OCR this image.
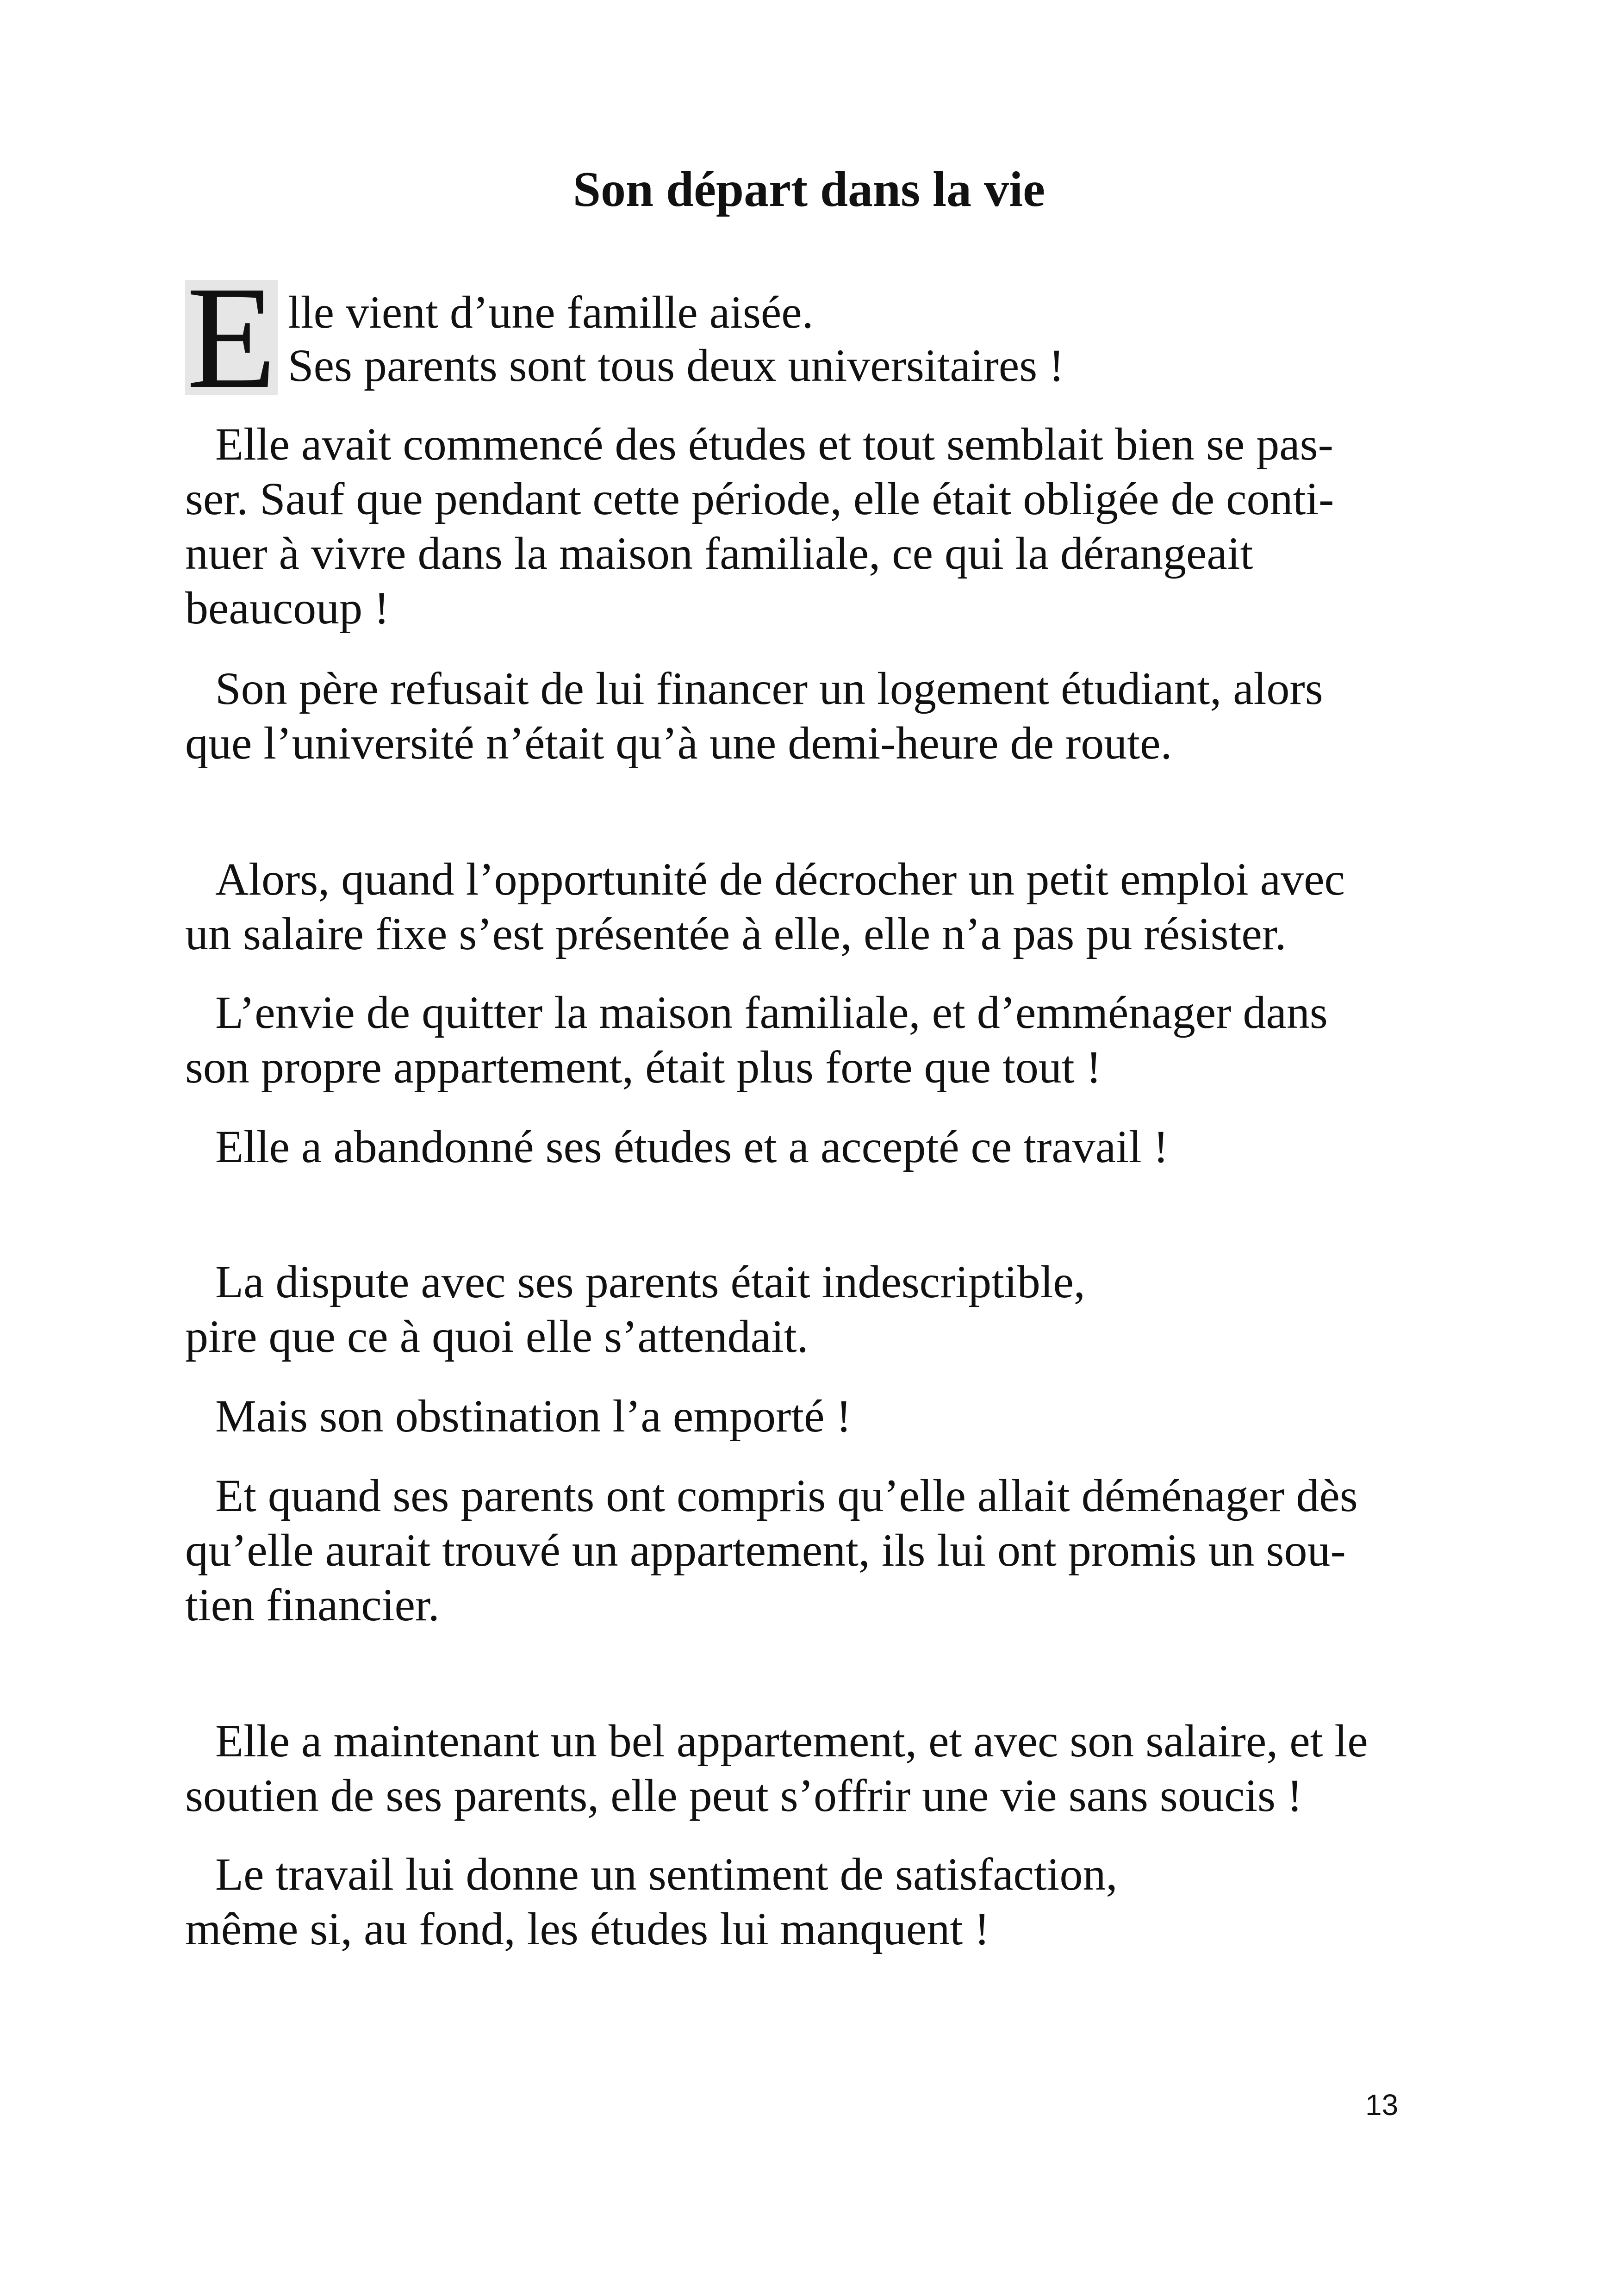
Son départ dans la vie
E lle vient d’une famille aisée.

Ses parents sont tous deux universitaires !

Elle avait commencé des études et tout semblait bien se pas-

ser. Sauf que pendant cette période, elle était obligée de conti-

nuer à vivre dans la maison familiale, ce qui la dérangeait

beaucoup !

Son père refusait de lui financer un logement étudiant, alors

que l’université n’était qu’à une demi-heure de route.

Alors, quand l’opportunité de décrocher un petit emploi avec

un salaire fixe s’est présentée à elle, elle n’a pas pu résister.

L’envie de quitter la maison familiale, et d’emménager dans

son propre appartement, était plus forte que tout !

Elle a abandonné ses études et a accepté ce travail !

La dispute avec ses parents était indescriptible,

pire que ce à quoi elle s’attendait.

Mais son obstination l’a emporté !

Et quand ses parents ont compris qu’elle allait déménager dès

qu’elle aurait trouvé un appartement, ils lui ont promis un sou-

tien financier.

Elle a maintenant un bel appartement, et avec son salaire, et le

soutien de ses parents, elle peut s’offrir une vie sans soucis !

Le travail lui donne un sentiment de satisfaction,

même si, au fond, les études lui manquent !

13
